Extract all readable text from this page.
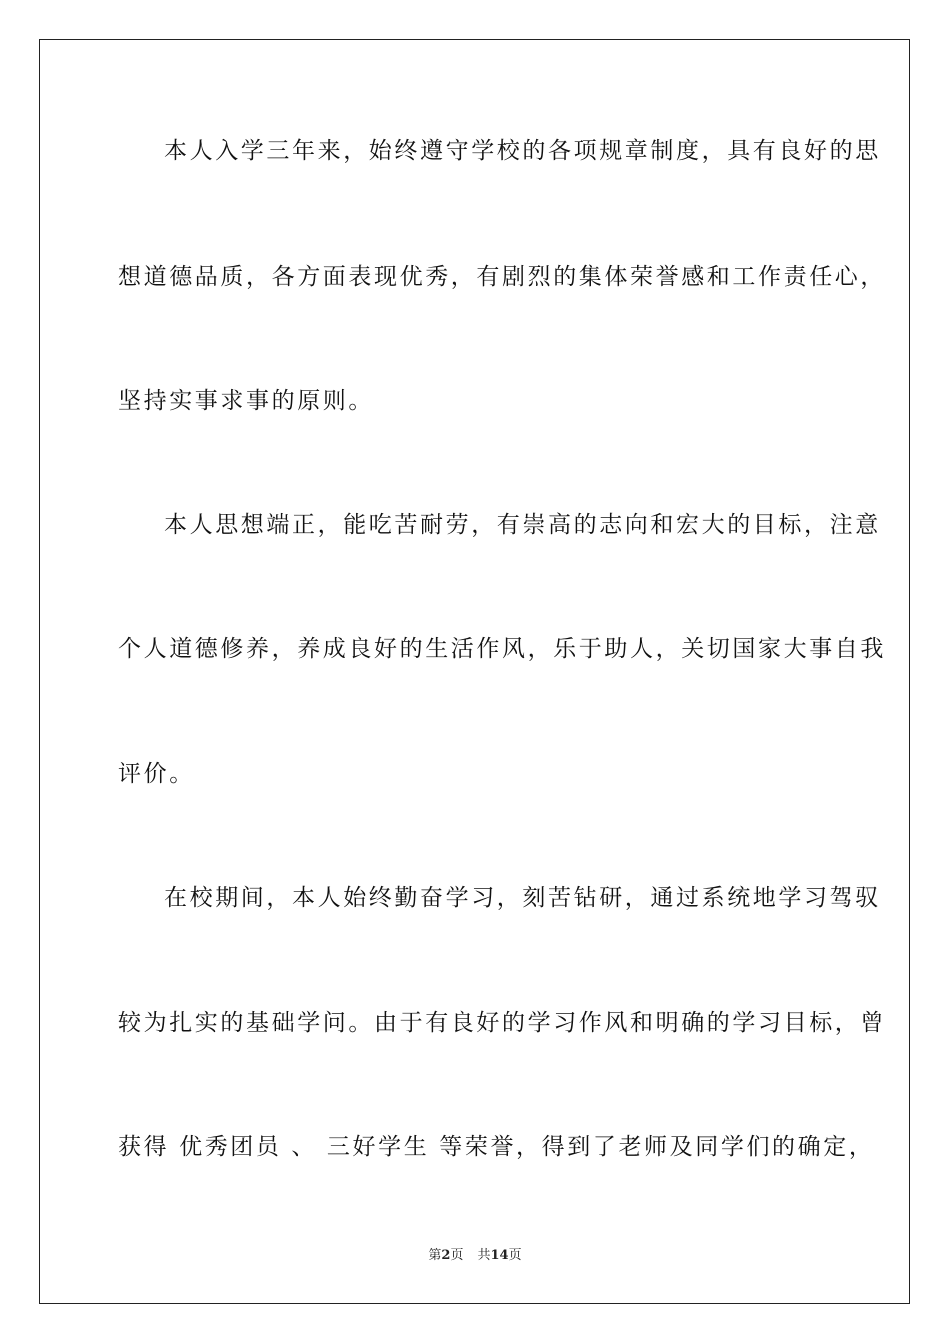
本人入学三年来，始终遵守学校的各项规章制度，具有良好的思
想道德品质，各方面表现优秀，有剧烈的集体荣誉感和工作责任心，
坚持实事求事的原则。
本人思想端正，能吃苦耐劳，有崇高的志向和宏大的目标，注意
个人道德修养，养成良好的生活作风，乐于助人，关切国家大事自我
评价。
在校期间，本人始终勤奋学习，刻苦钻研，通过系统地学习驾驭
较为扎实的基础学问。由于有良好的学习作风和明确的学习目标，曾
获得 优秀团员 、 三好学生 等荣誉，得到了老师及同学们的确定，
第2页 共14页
